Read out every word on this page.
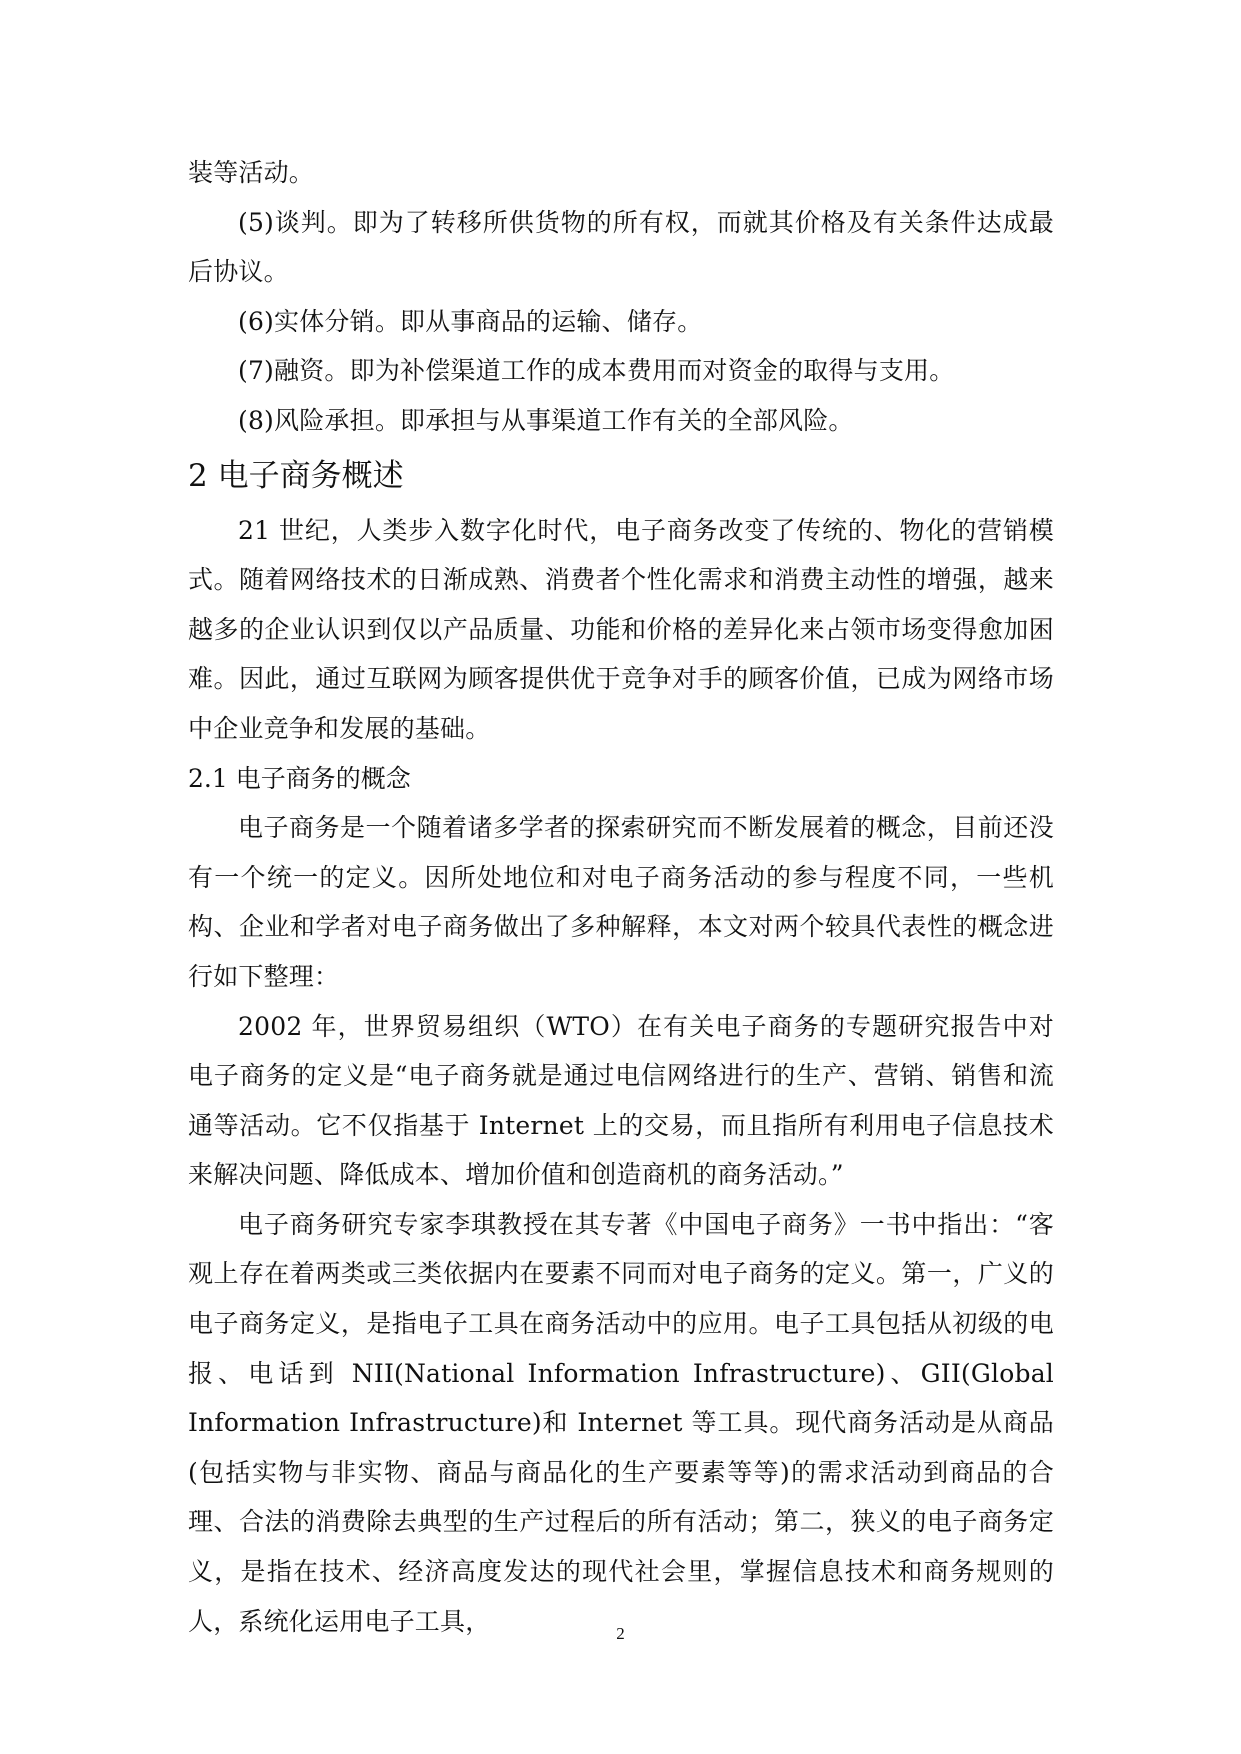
装等活动。

(5)谈判。即为了转移所供货物的所有权，而就其价格及有关条件达成最后协议。

(6)实体分销。即从事商品的运输、储存。

(7)融资。即为补偿渠道工作的成本费用而对资金的取得与支用。

(8)风险承担。即承担与从事渠道工作有关的全部风险。

2 电子商务概述

21 世纪，人类步入数字化时代，电子商务改变了传统的、物化的营销模式。随着网络技术的日渐成熟、消费者个性化需求和消费主动性的增强，越来越多的企业认识到仅以产品质量、功能和价格的差异化来占领市场变得愈加困难。因此，通过互联网为顾客提供优于竞争对手的顾客价值，已成为网络市场中企业竞争和发展的基础。

2.1 电子商务的概念

电子商务是一个随着诸多学者的探索研究而不断发展着的概念，目前还没有一个统一的定义。因所处地位和对电子商务活动的参与程度不同，一些机构、企业和学者对电子商务做出了多种解释，本文对两个较具代表性的概念进行如下整理：

2002 年，世界贸易组织（WTO）在有关电子商务的专题研究报告中对电子商务的定义是“电子商务就是通过电信网络进行的生产、营销、销售和流通等活动。它不仅指基于 Internet 上的交易，而且指所有利用电子信息技术来解决问题、降低成本、增加价值和创造商机的商务活动。”

电子商务研究专家李琪教授在其专著《中国电子商务》一书中指出：“客观上存在着两类或三类依据内在要素不同而对电子商务的定义。第一，广义的电子商务定义，是指电子工具在商务活动中的应用。电子工具包括从初级的电报、电话到 NII(National Information Infrastructure)、GII(Global Information Infrastructure)和 Internet 等工具。现代商务活动是从商品(包括实物与非实物、商品与商品化的生产要素等等)的需求活动到商品的合理、合法的消费除去典型的生产过程后的所有活动；第二，狭义的电子商务定义，是指在技术、经济高度发达的现代社会里，掌握信息技术和商务规则的人，系统化运用电子工具，	2
